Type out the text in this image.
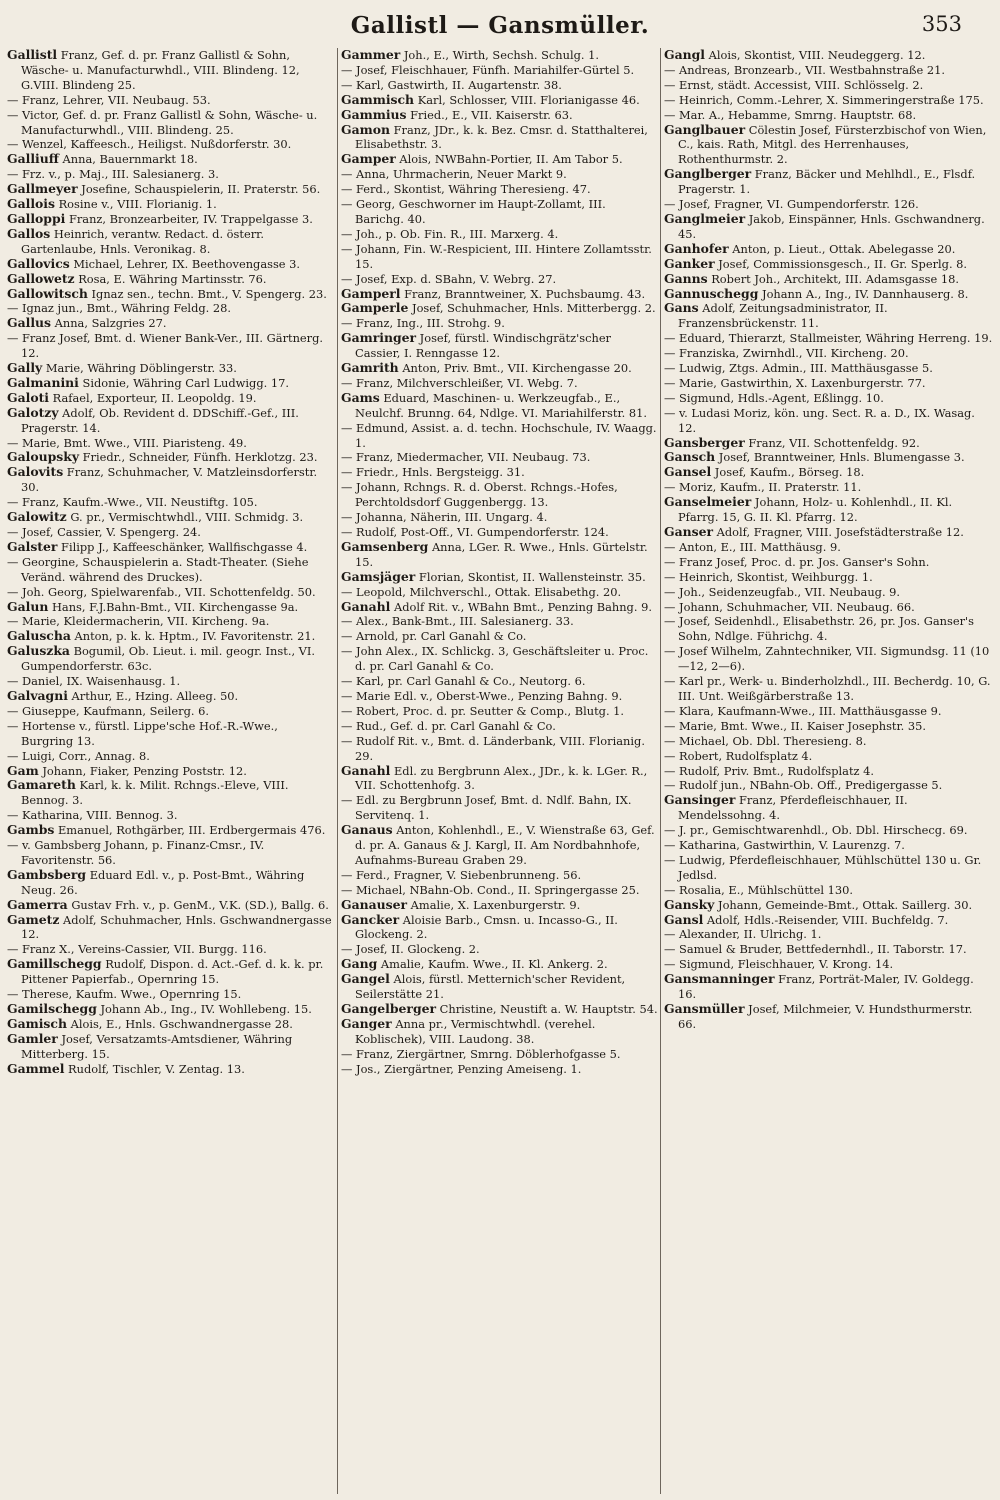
Gallistl — Gansmüller.	353

Gallistl Franz, Gef. d. pr. Franz Gallistl & Sohn, Wäsche- u. Manufacturwhdl., VIII. Blindeng. 12, G.VIII. Blindeng 25.

— Franz, Lehrer, VII. Neubaug. 53.

— Victor, Gef. d. pr. Franz Gallistl & Sohn, Wäsche- u. Manufacturwhdl., VIII. Blindeng. 25.

— Wenzel, Kaffeesch., Heiligst. Nußdorferstr. 30.

Galliuff Anna, Bauernmarkt 18.

— Frz. v., p. Maj., III. Salesianerg. 3.

Gallmeyer Josefine, Schauspielerin, II. Praterstr. 56.

Gallois Rosine v., VIII. Florianig. 1.

Galloppi Franz, Bronzearbeiter, IV. Trappelgasse 3.

Gallos Heinrich, verantw. Redact. d. österr. Gartenlaube, Hnls. Veronikag. 8.

Gallovics Michael, Lehrer, IX. Beethovengasse 3.

Gallowetz Rosa, E. Währing Martinsstr. 76.

Gallowitsch Ignaz sen., techn. Bmt., V. Spengerg. 23.

— Ignaz jun., Bmt., Währing Feldg. 28.

Gallus Anna, Salzgries 27.

— Franz Josef, Bmt. d. Wiener Bank-Ver., III. Gärtnerg. 12.

Gally Marie, Währing Döblingerstr. 33.

Galmanini Sidonie, Währing Carl Ludwigg. 17.

Galoti Rafael, Exporteur, II. Leopoldg. 19.

Galotzy Adolf, Ob. Revident d. DDSchiff.-Gef., III. Pragerstr. 14.

— Marie, Bmt. Wwe., VIII. Piaristeng. 49.

Galoupsky Friedr., Schneider, Fünfh. Herklotzg. 23.

Galovits Franz, Schuhmacher, V. Matzleinsdorferstr. 30.

— Franz, Kaufm.-Wwe., VII. Neustiftg. 105.

Galowitz G. pr., Vermischtwhdl., VIII. Schmidg. 3.

— Josef, Cassier, V. Spengerg. 24.

Galster Filipp J., Kaffeeschänker, Wallfischgasse 4.

— Georgine, Schauspielerin a. Stadt-Theater. (Siehe Veränd. während des Druckes).

— Joh. Georg, Spielwarenfab., VII. Schottenfeldg. 50.

Galun Hans, F.J.Bahn-Bmt., VII. Kirchengasse 9a.

— Marie, Kleidermacherin, VII. Kircheng. 9a.

Galuscha Anton, p. k. k. Hptm., IV. Favoritenstr. 21.

Galuszka Bogumil, Ob. Lieut. i. mil. geogr. Inst., VI. Gumpendorferstr. 63c.

— Daniel, IX. Waisenhausg. 1.

Galvagni Arthur, E., Hzing. Alleeg. 50.

— Giuseppe, Kaufmann, Seilerg. 6.

— Hortense v., fürstl. Lippe'sche Hof.-R.-Wwe., Burgring 13.

— Luigi, Corr., Annag. 8.

Gam Johann, Fiaker, Penzing Poststr. 12.

Gamareth Karl, k. k. Milit. Rchngs.-Eleve, VIII. Bennog. 3.

— Katharina, VIII. Bennog. 3.

Gambs Emanuel, Rothgärber, III. Erdbergermais 476.

— v. Gambsberg Johann, p. Finanz-Cmsr., IV. Favoritenstr. 56.

Gambsberg Eduard Edl. v., p. Post-Bmt., Währing Neug. 26.

Gamerra Gustav Frh. v., p. GenM., V.K. (SD.), Ballg. 6.

Gametz Adolf, Schuhmacher, Hnls. Gschwandnergasse 12.

— Franz X., Vereins-Cassier, VII. Burgg. 116.

Gamillschegg Rudolf, Dispon. d. Act.-Gef. d. k. k. pr. Pittener Papierfab., Opernring 15.

— Therese, Kaufm. Wwe., Opernring 15.

Gamilschegg Johann Ab., Ing., IV. Wohllebeng. 15.

Gamisch Alois, E., Hnls. Gschwandnergasse 28.

Gamler Josef, Versatzamts-Amtsdiener, Währing Mitterberg. 15.

Gammel Rudolf, Tischler, V. Zentag. 13.

Gammer Joh., E., Wirth, Sechsh. Schulg. 1.

— Josef, Fleischhauer, Fünfh. Mariahilfer-Gürtel 5.

— Karl, Gastwirth, II. Augartenstr. 38.

Gammisch Karl, Schlosser, VIII. Florianigasse 46.

Gammius Fried., E., VII. Kaiserstr. 63.

Gamon Franz, JDr., k. k. Bez. Cmsr. d. Statthalterei, Elisabethstr. 3.

Gamper Alois, NWBahn-Portier, II. Am Tabor 5.

— Anna, Uhrmacherin, Neuer Markt 9.

— Ferd., Skontist, Währing Theresieng. 47.

— Georg, Geschworner im Haupt-Zollamt, III. Barichg. 40.

— Joh., p. Ob. Fin. R., III. Marxerg. 4.

— Johann, Fin. W.-Respicient, III. Hintere Zollamtsstr. 15.

— Josef, Exp. d. SBahn, V. Webrg. 27.

Gamperl Franz, Branntweiner, X. Puchsbaumg. 43.

Gamperle Josef, Schuhmacher, Hnls. Mitterbergg. 2.

— Franz, Ing., III. Strohg. 9.

Gamringer Josef, fürstl. Windischgrätz'scher Cassier, I. Renngasse 12.

Gamrith Anton, Priv. Bmt., VII. Kirchengasse 20.

— Franz, Milchverschleißer, VI. Webg. 7.

Gams Eduard, Maschinen- u. Werkzeugfab., E., Neulchf. Brunng. 64, Ndlge. VI. Mariahilferstr. 81.

— Edmund, Assist. a. d. techn. Hochschule, IV. Waagg. 1.

— Franz, Miedermacher, VII. Neubaug. 73.

— Friedr., Hnls. Bergsteigg. 31.

— Johann, Rchngs. R. d. Oberst. Rchngs.-Hofes, Perchtoldsdorf Guggenbergg. 13.

— Johanna, Näherin, III. Ungarg. 4.

— Rudolf, Post-Off., VI. Gumpendorferstr. 124.

Gamsenberg Anna, LGer. R. Wwe., Hnls. Gürtelstr. 15.

Gamsjäger Florian, Skontist, II. Wallensteinstr. 35.

— Leopold, Milchverschl., Ottak. Elisabethg. 20.

Ganahl Adolf Rit. v., WBahn Bmt., Penzing Bahng. 9.

— Alex., Bank-Bmt., III. Salesianerg. 33.

— Arnold, pr. Carl Ganahl & Co.

— John Alex., IX. Schlickg. 3, Geschäftsleiter u. Proc. d. pr. Carl Ganahl & Co.

— Karl, pr. Carl Ganahl & Co., Neutorg. 6.

— Marie Edl. v., Oberst-Wwe., Penzing Bahng. 9.

— Robert, Proc. d. pr. Seutter & Comp., Blutg. 1.

— Rud., Gef. d. pr. Carl Ganahl & Co.

— Rudolf Rit. v., Bmt. d. Länderbank, VIII. Florianig. 29.

Ganahl Edl. zu Bergbrunn Alex., JDr., k. k. LGer. R., VII. Schottenhofg. 3.

— Edl. zu Bergbrunn Josef, Bmt. d. Ndlf. Bahn, IX. Servitenq. 1.

Ganaus Anton, Kohlenhdl., E., V. Wienstraße 63, Gef. d. pr. A. Ganaus & J. Kargl, II. Am Nordbahnhofe, Aufnahms-Bureau Graben 29.

— Ferd., Fragner, V. Siebenbrunneng. 56.

— Michael, NBahn-Ob. Cond., II. Springergasse 25.

Ganauser Amalie, X. Laxenburgerstr. 9.

Gancker Aloisie Barb., Cmsn. u. Incasso-G., II. Glockeng. 2.

— Josef, II. Glockeng. 2.

Gang Amalie, Kaufm. Wwe., II. Kl. Ankerg. 2.

Gangel Alois, fürstl. Metternich'scher Revident, Seilerstätte 21.

Gangelberger Christine, Neustift a. W. Hauptstr. 54.

Ganger Anna pr., Vermischtwhdl. (verehel. Koblischek), VIII. Laudong. 38.

— Franz, Ziergärtner, Smrng. Döblerhofgasse 5.

— Jos., Ziergärtner, Penzing Ameiseng. 1.

Gangl Alois, Skontist, VIII. Neudeggerg. 12.

— Andreas, Bronzearb., VII. Westbahnstraße 21.

— Ernst, städt. Accessist, VIII. Schlösselg. 2.

— Heinrich, Comm.-Lehrer, X. Simmeringerstraße 175.

— Mar. A., Hebamme, Smrng. Hauptstr. 68.

Ganglbauer Cölestin Josef, Fürsterzbischof von Wien, C., kais. Rath, Mitgl. des Herrenhauses, Rothenthurmstr. 2.

Ganglberger Franz, Bäcker und Mehlhdl., E., Flsdf. Pragerstr. 1.

— Josef, Fragner, VI. Gumpendorferstr. 126.

Ganglmeier Jakob, Einspänner, Hnls. Gschwandnerg. 45.

Ganhofer Anton, p. Lieut., Ottak. Abelegasse 20.

Ganker Josef, Commissionsgesch., II. Gr. Sperlg. 8.

Ganns Robert Joh., Architekt, III. Adamsgasse 18.

Gannuschegg Johann A., Ing., IV. Dannhauserg. 8.

Gans Adolf, Zeitungsadministrator, II. Franzensbrückenstr. 11.

— Eduard, Thierarzt, Stallmeister, Währing Herreng. 19.

— Franziska, Zwirnhdl., VII. Kircheng. 20.

— Ludwig, Ztgs. Admin., III. Matthäusgasse 5.

— Marie, Gastwirthin, X. Laxenburgerstr. 77.

— Sigmund, Hdls.-Agent, Eßlingg. 10.

— v. Ludasi Moriz, kön. ung. Sect. R. a. D., IX. Wasag. 12.

Gansberger Franz, VII. Schottenfeldg. 92.

Gansch Josef, Branntweiner, Hnls. Blumengasse 3.

Gansel Josef, Kaufm., Börseg. 18.

— Moriz, Kaufm., II. Praterstr. 11.

Ganselmeier Johann, Holz- u. Kohlenhdl., II. Kl. Pfarrg. 15, G. II. Kl. Pfarrg. 12.

Ganser Adolf, Fragner, VIII. Josefstädterstraße 12.

— Anton, E., III. Matthäusg. 9.

— Franz Josef, Proc. d. pr. Jos. Ganser's Sohn.

— Heinrich, Skontist, Weihburgg. 1.

— Joh., Seidenzeugfab., VII. Neubaug. 9.

— Johann, Schuhmacher, VII. Neubaug. 66.

— Josef, Seidenhdl., Elisabethstr. 26, pr. Jos. Ganser's Sohn, Ndlge. Führichg. 4.

— Josef Wilhelm, Zahntechniker, VII. Sigmundsg. 11 (10—12, 2—6).

— Karl pr., Werk- u. Binderholzhdl., III. Becherdg. 10, G. III. Unt. Weißgärberstraße 13.

— Klara, Kaufmann-Wwe., III. Matthäusgasse 9.

— Marie, Bmt. Wwe., II. Kaiser Josephstr. 35.

— Michael, Ob. Dbl. Theresieng. 8.

— Robert, Rudolfsplatz 4.

— Rudolf, Priv. Bmt., Rudolfsplatz 4.

— Rudolf jun., NBahn-Ob. Off., Predigergasse 5.

Gansinger Franz, Pferdefleischhauer, II. Mendelssohng. 4.

— J. pr., Gemischtwarenhdl., Ob. Dbl. Hirschecg. 69.

— Katharina, Gastwirthin, V. Laurenzg. 7.

— Ludwig, Pferdefleischhauer, Mühlschüttel 130 u. Gr. Jedlsd.

— Rosalia, E., Mühlschüttel 130.

Gansky Johann, Gemeinde-Bmt., Ottak. Saillerg. 30.

Gansl Adolf, Hdls.-Reisender, VIII. Buchfeldg. 7.

— Alexander, II. Ulrichg. 1.

— Samuel & Bruder, Bettfedernhdl., II. Taborstr. 17.

— Sigmund, Fleischhauer, V. Krong. 14.

Gansmanninger Franz, Porträt-Maler, IV. Goldegg. 16.

Gansmüller Josef, Milchmeier, V. Hundsthurmerstr. 66.
